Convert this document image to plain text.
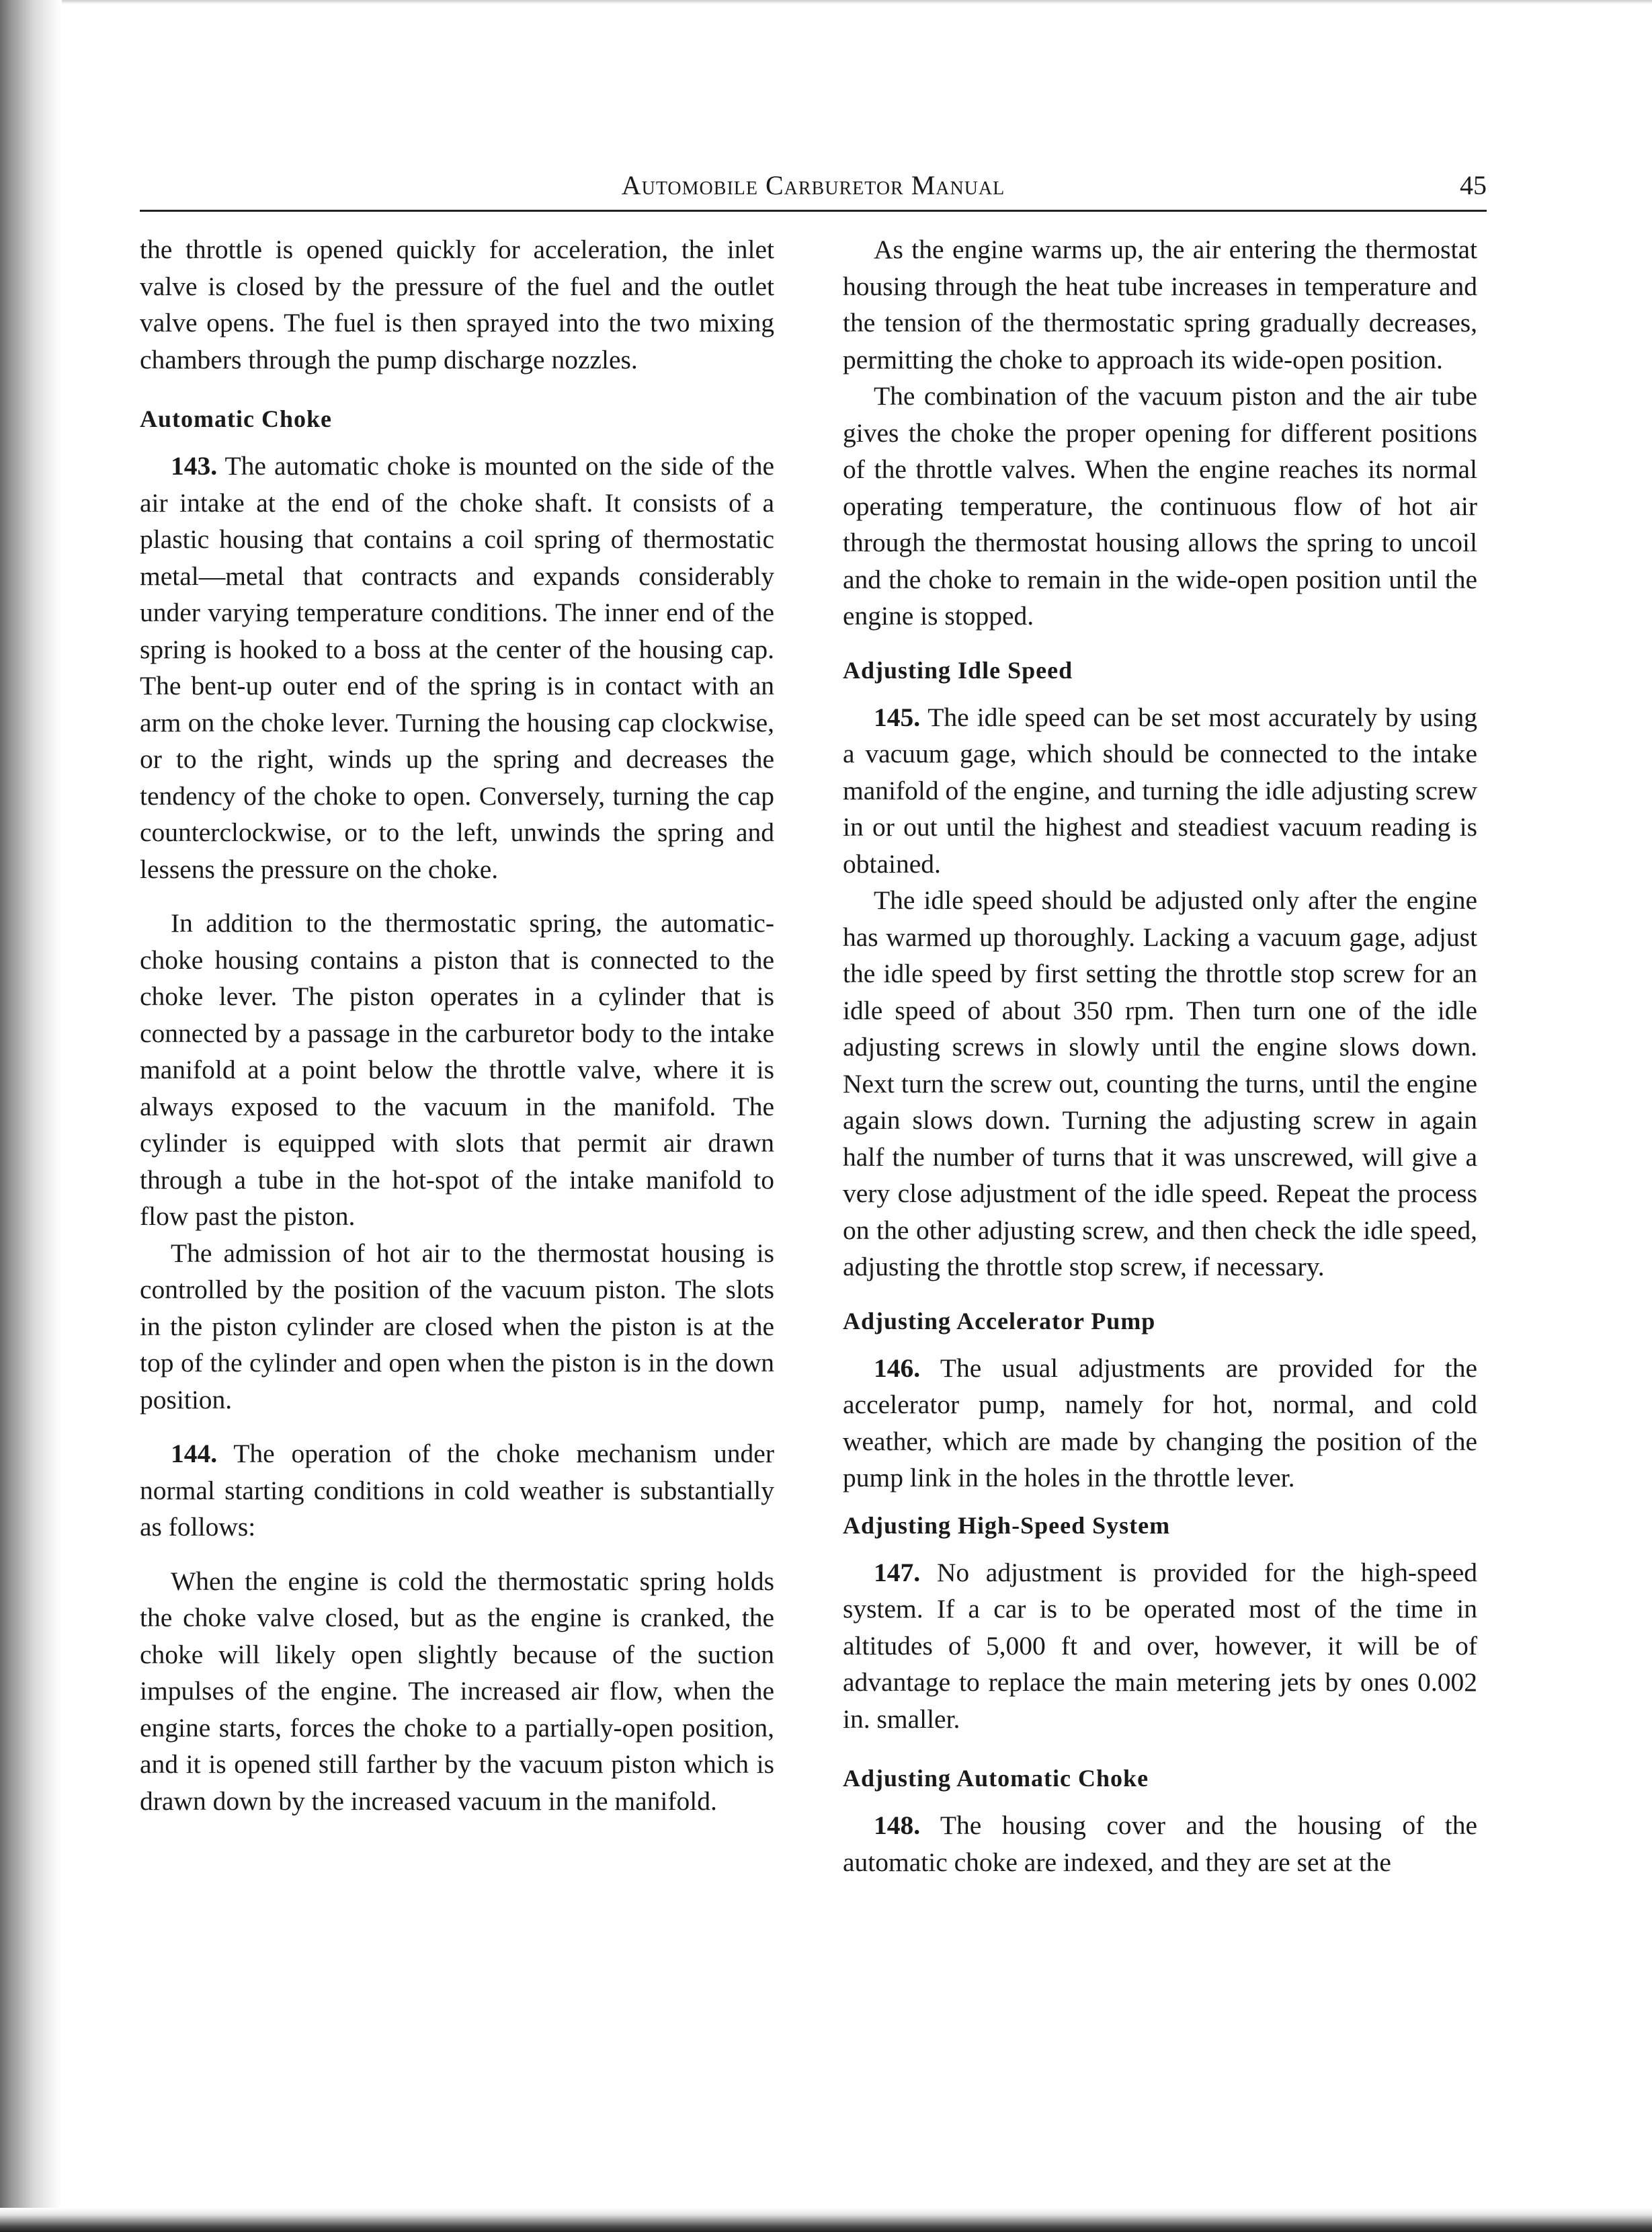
Automobile Carburetor Manual	45

the throttle is opened quickly for acceleration, the inlet valve is closed by the pressure of the fuel and the outlet valve opens. The fuel is then sprayed into the two mixing chambers through the pump discharge nozzles.

Automatic Choke

143. The automatic choke is mounted on the side of the air intake at the end of the choke shaft. It consists of a plastic housing that contains a coil spring of thermostatic metal—metal that contracts and expands considerably under varying temperature conditions. The inner end of the spring is hooked to a boss at the center of the housing cap. The bent-up outer end of the spring is in contact with an arm on the choke lever. Turning the housing cap clockwise, or to the right, winds up the spring and decreases the tendency of the choke to open. Conversely, turning the cap counterclockwise, or to the left, unwinds the spring and lessens the pressure on the choke.

In addition to the thermostatic spring, the automatic-choke housing contains a piston that is connected to the choke lever. The piston operates in a cylinder that is connected by a passage in the carburetor body to the intake manifold at a point below the throttle valve, where it is always exposed to the vacuum in the manifold. The cylinder is equipped with slots that permit air drawn through a tube in the hot-spot of the intake manifold to flow past the piston.

The admission of hot air to the thermostat housing is controlled by the position of the vacuum piston. The slots in the piston cylinder are closed when the piston is at the top of the cylinder and open when the piston is in the down position.

144. The operation of the choke mechanism under normal starting conditions in cold weather is substantially as follows:

When the engine is cold the thermostatic spring holds the choke valve closed, but as the engine is cranked, the choke will likely open slightly because of the suction impulses of the engine. The increased air flow, when the engine starts, forces the choke to a partially-open position, and it is opened still farther by the vacuum piston which is drawn down by the increased vacuum in the manifold.

As the engine warms up, the air entering the thermostat housing through the heat tube increases in temperature and the tension of the thermostatic spring gradually decreases, permitting the choke to approach its wide-open position.

The combination of the vacuum piston and the air tube gives the choke the proper opening for different positions of the throttle valves. When the engine reaches its normal operating temperature, the continuous flow of hot air through the thermostat housing allows the spring to uncoil and the choke to remain in the wide-open position until the engine is stopped.

Adjusting Idle Speed

145. The idle speed can be set most accurately by using a vacuum gage, which should be connected to the intake manifold of the engine, and turning the idle adjusting screw in or out until the highest and steadiest vacuum reading is obtained.

The idle speed should be adjusted only after the engine has warmed up thoroughly. Lacking a vacuum gage, adjust the idle speed by first setting the throttle stop screw for an idle speed of about 350 rpm. Then turn one of the idle adjusting screws in slowly until the engine slows down. Next turn the screw out, counting the turns, until the engine again slows down. Turning the adjusting screw in again half the number of turns that it was unscrewed, will give a very close adjustment of the idle speed. Repeat the process on the other adjusting screw, and then check the idle speed, adjusting the throttle stop screw, if necessary.

Adjusting Accelerator Pump

146. The usual adjustments are provided for the accelerator pump, namely for hot, normal, and cold weather, which are made by changing the position of the pump link in the holes in the throttle lever.

Adjusting High-Speed System

147. No adjustment is provided for the high-speed system. If a car is to be operated most of the time in altitudes of 5,000 ft and over, however, it will be of advantage to replace the main metering jets by ones 0.002 in. smaller.

Adjusting Automatic Choke

148. The housing cover and the housing of the automatic choke are indexed, and they are set at the
